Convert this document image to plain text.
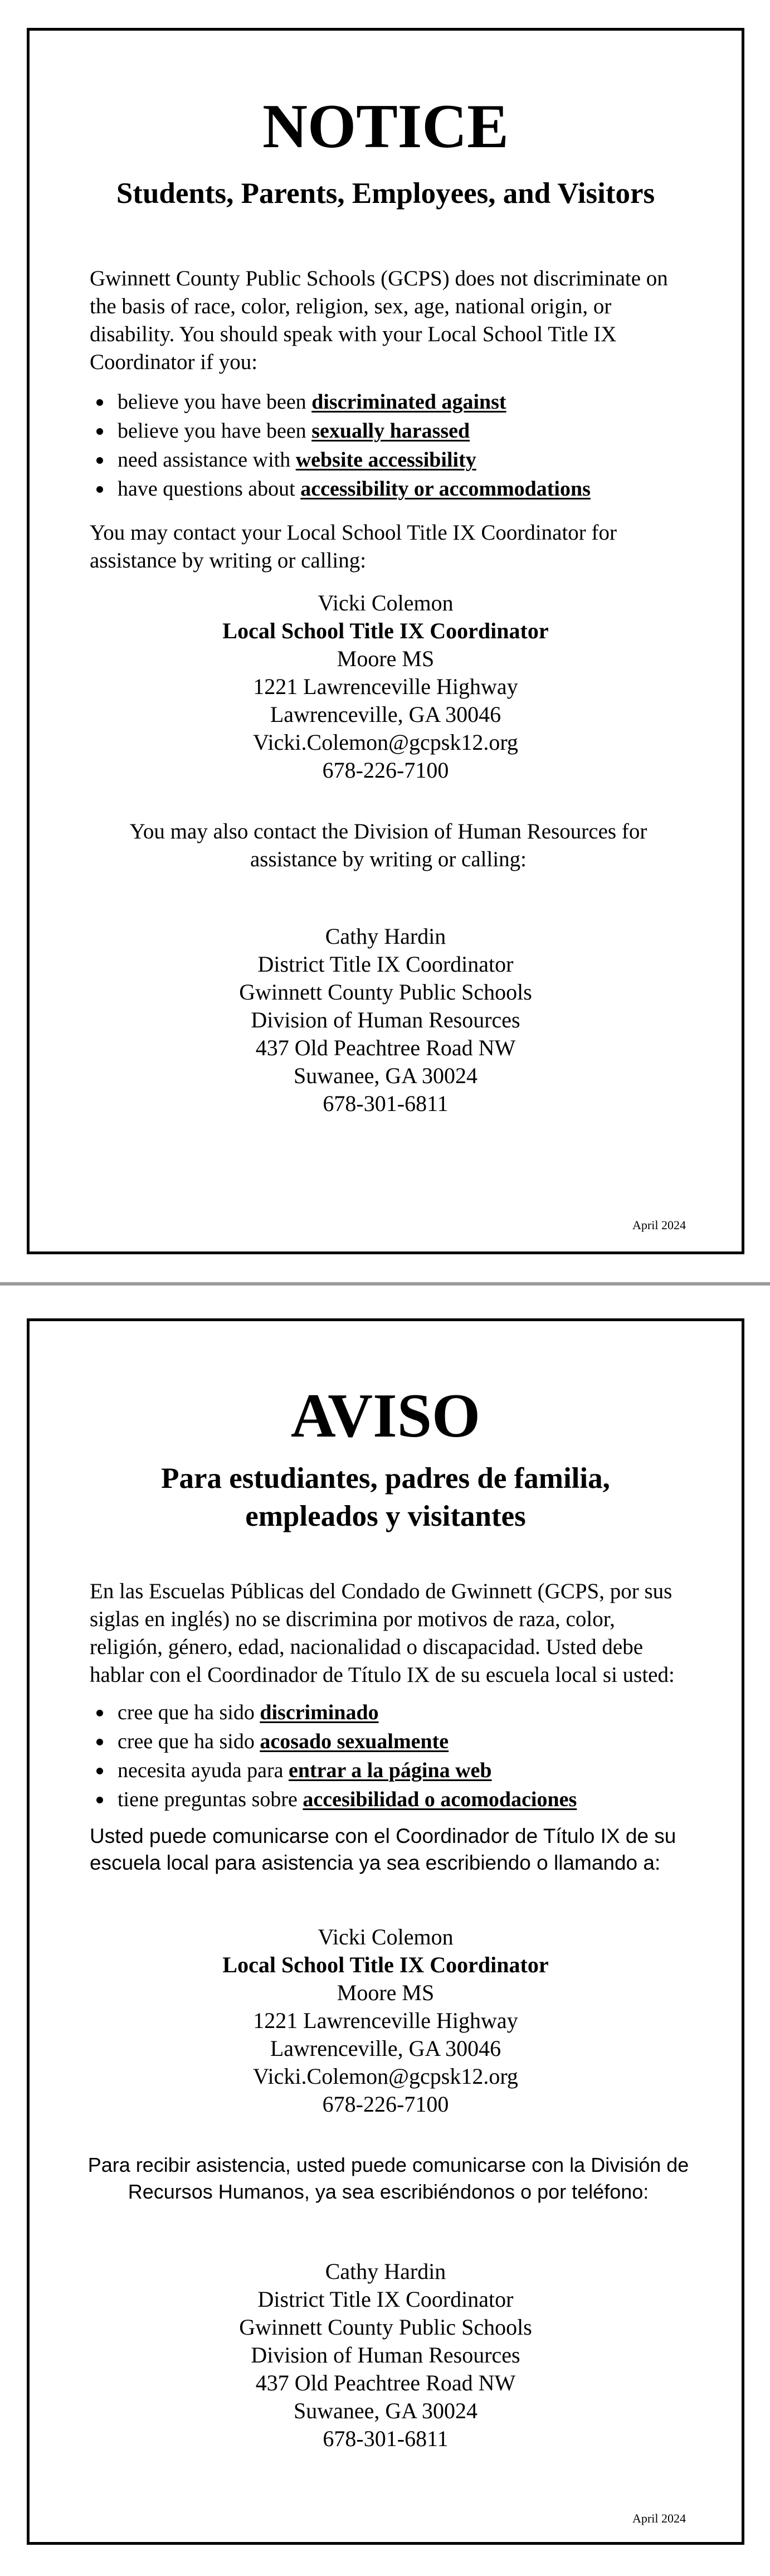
NOTICE
Students, Parents, Employees, and Visitors
Gwinnett County Public Schools (GCPS) does not discriminate on the basis of race, color, religion, sex, age, national origin, or disability. You should speak with your Local School Title IX Coordinator if you:
believe you have been discriminated against
believe you have been sexually harassed
need assistance with website accessibility
have questions about accessibility or accommodations
You may contact your Local School Title IX Coordinator for assistance by writing or calling:
Vicki Colemon
Local School Title IX Coordinator
Moore MS
1221 Lawrenceville Highway
Lawrenceville, GA 30046
Vicki.Colemon@gcpsk12.org
678-226-7100
You may also contact the Division of Human Resources for assistance by writing or calling:
Cathy Hardin
District Title IX Coordinator
Gwinnett County Public Schools
Division of Human Resources
437 Old Peachtree Road NW
Suwanee, GA 30024
678-301-6811
April 2024
AVISO
Para estudiantes, padres de familia,
empleados y visitantes
En las Escuelas Públicas del Condado de Gwinnett (GCPS, por sus siglas en inglés) no se discrimina por motivos de raza, color, religión, género, edad, nacionalidad o discapacidad. Usted debe hablar con el Coordinador de Título IX de su escuela local si usted:
cree que ha sido discriminado
cree que ha sido acosado sexualmente
necesita ayuda para entrar a la página web
tiene preguntas sobre accesibilidad o acomodaciones
Usted puede comunicarse con el Coordinador de Título IX de su escuela local para asistencia ya sea escribiendo o llamando a:
Vicki Colemon
Local School Title IX Coordinator
Moore MS
1221 Lawrenceville Highway
Lawrenceville, GA 30046
Vicki.Colemon@gcpsk12.org
678-226-7100
Para recibir asistencia, usted puede comunicarse con la División de Recursos Humanos, ya sea escribiéndonos o por teléfono:
Cathy Hardin
District Title IX Coordinator
Gwinnett County Public Schools
Division of Human Resources
437 Old Peachtree Road NW
Suwanee, GA 30024
678-301-6811
April 2024
